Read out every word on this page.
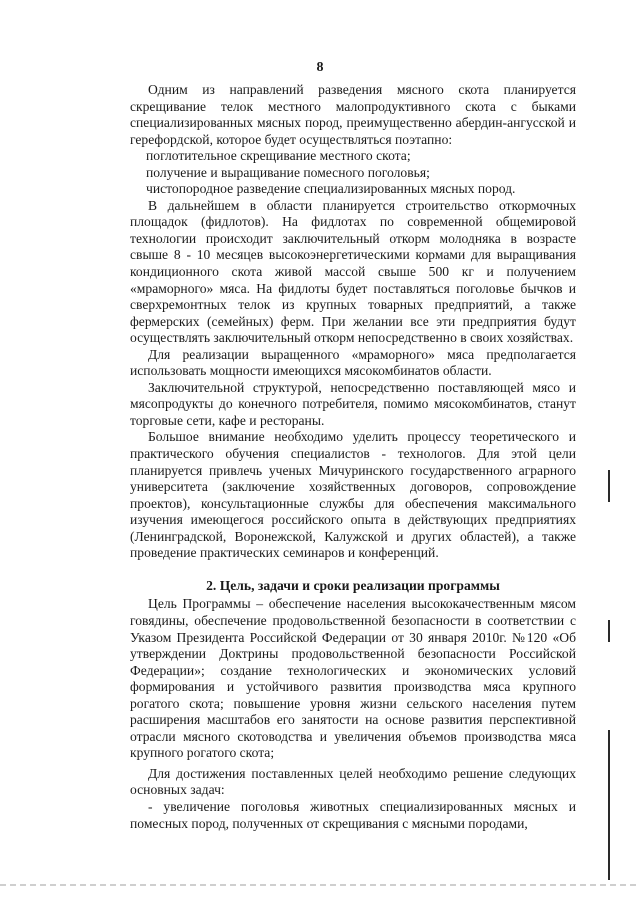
8

Одним из направлений разведения мясного скота планируется скрещивание телок местного малопродуктивного скота с быками специализированных мясных пород, преимущественно абердин-ангусской и герефордской, которое будет осуществляться поэтапно:

поглотительное скрещивание местного скота;

получение и выращивание помесного поголовья;

чистопородное разведение специализированных мясных пород.

В дальнейшем в области планируется строительство откормочных площадок (фидлотов). На фидлотах по современной общемировой технологии происходит заключительный откорм молодняка в возрасте свыше 8 - 10 месяцев высокоэнергетическими кормами для выращивания кондиционного скота живой массой свыше 500 кг и получением «мраморного» мяса. На фидлоты будет поставляться поголовье бычков и сверхремонтных телок из крупных товарных предприятий, а также фермерских (семейных) ферм. При желании все эти предприятия будут осуществлять заключительный откорм непосредственно в своих хозяйствах.

Для реализации выращенного «мраморного» мяса предполагается использовать мощности имеющихся мясокомбинатов области.

Заключительной структурой, непосредственно поставляющей мясо и мясопродукты до конечного потребителя, помимо мясокомбинатов, станут торговые сети, кафе и рестораны.

Большое внимание необходимо уделить процессу теоретического и практического обучения специалистов - технологов. Для этой цели планируется привлечь ученых Мичуринского государственного аграрного университета (заключение хозяйственных договоров, сопровождение проектов), консультационные службы для обеспечения максимального изучения имеющегося российского опыта в действующих предприятиях (Ленинградской, Воронежской, Калужской и других областей), а также проведение практических семинаров и конференций.

2. Цель, задачи и сроки реализации программы

Цель Программы – обеспечение населения высококачественным мясом говядины, обеспечение продовольственной безопасности в соответствии с Указом Президента Российской Федерации от 30 января 2010г. №120 «Об утверждении Доктрины продовольственной безопасности Российской Федерации»; создание технологических и экономических условий формирования и устойчивого развития производства мяса крупного рогатого скота; повышение уровня жизни сельского населения путем расширения масштабов его занятости на основе развития перспективной отрасли мясного скотоводства и увеличения объемов производства мяса крупного рогатого скота;

Для достижения поставленных целей необходимо решение следующих основных задач:

- увеличение поголовья животных специализированных мясных и помесных пород, полученных от скрещивания с мясными породами,
